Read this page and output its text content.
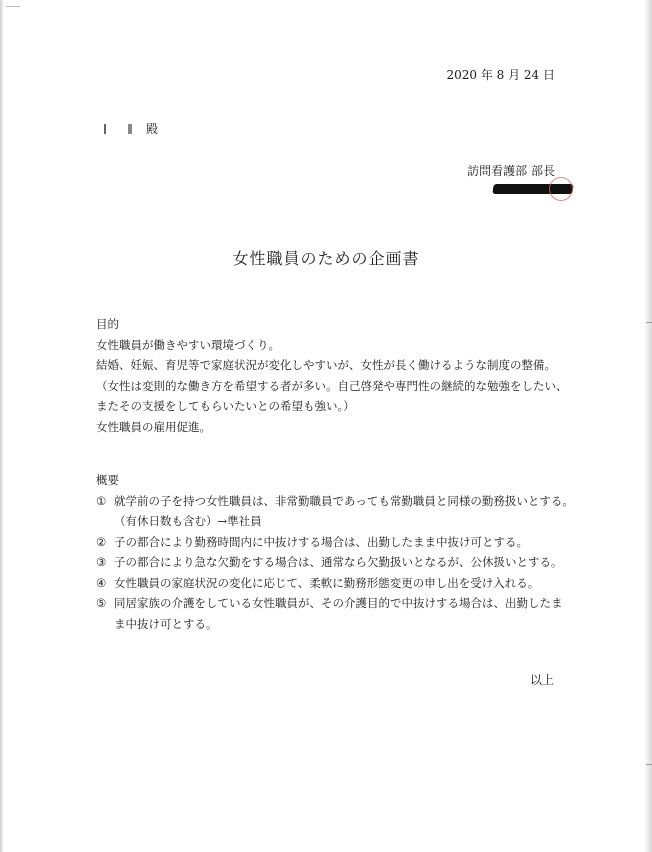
2020 年 8 月 24 日
殿
訪問看護部 部長
女性職員のための企画書

目的

女性職員が働きやすい環境づくり。

結婚、妊娠、育児等で家庭状況が変化しやすいが、女性が長く働けるような制度の整備。

（女性は変則的な働き方を希望する者が多い。自己啓発や専門性の継続的な勉強をしたい、

またその支援をしてもらいたいとの希望も強い。）

女性職員の雇用促進。

概要

① 就学前の子を持つ女性職員は、非常勤職員であっても常勤職員と同様の勤務扱いとする。

（有休日数も含む）→準社員

② 子の都合により勤務時間内に中抜けする場合は、出勤したまま中抜け可とする。
③ 子の都合により急な欠勤をする場合は、通常なら欠勤扱いとなるが、公休扱いとする。
④ 女性職員の家庭状況の変化に応じて、柔軟に勤務形態変更の申し出を受け入れる。
⑤ 同居家族の介護をしている女性職員が、その介護目的で中抜けする場合は、出勤したま

ま中抜け可とする。

以上
